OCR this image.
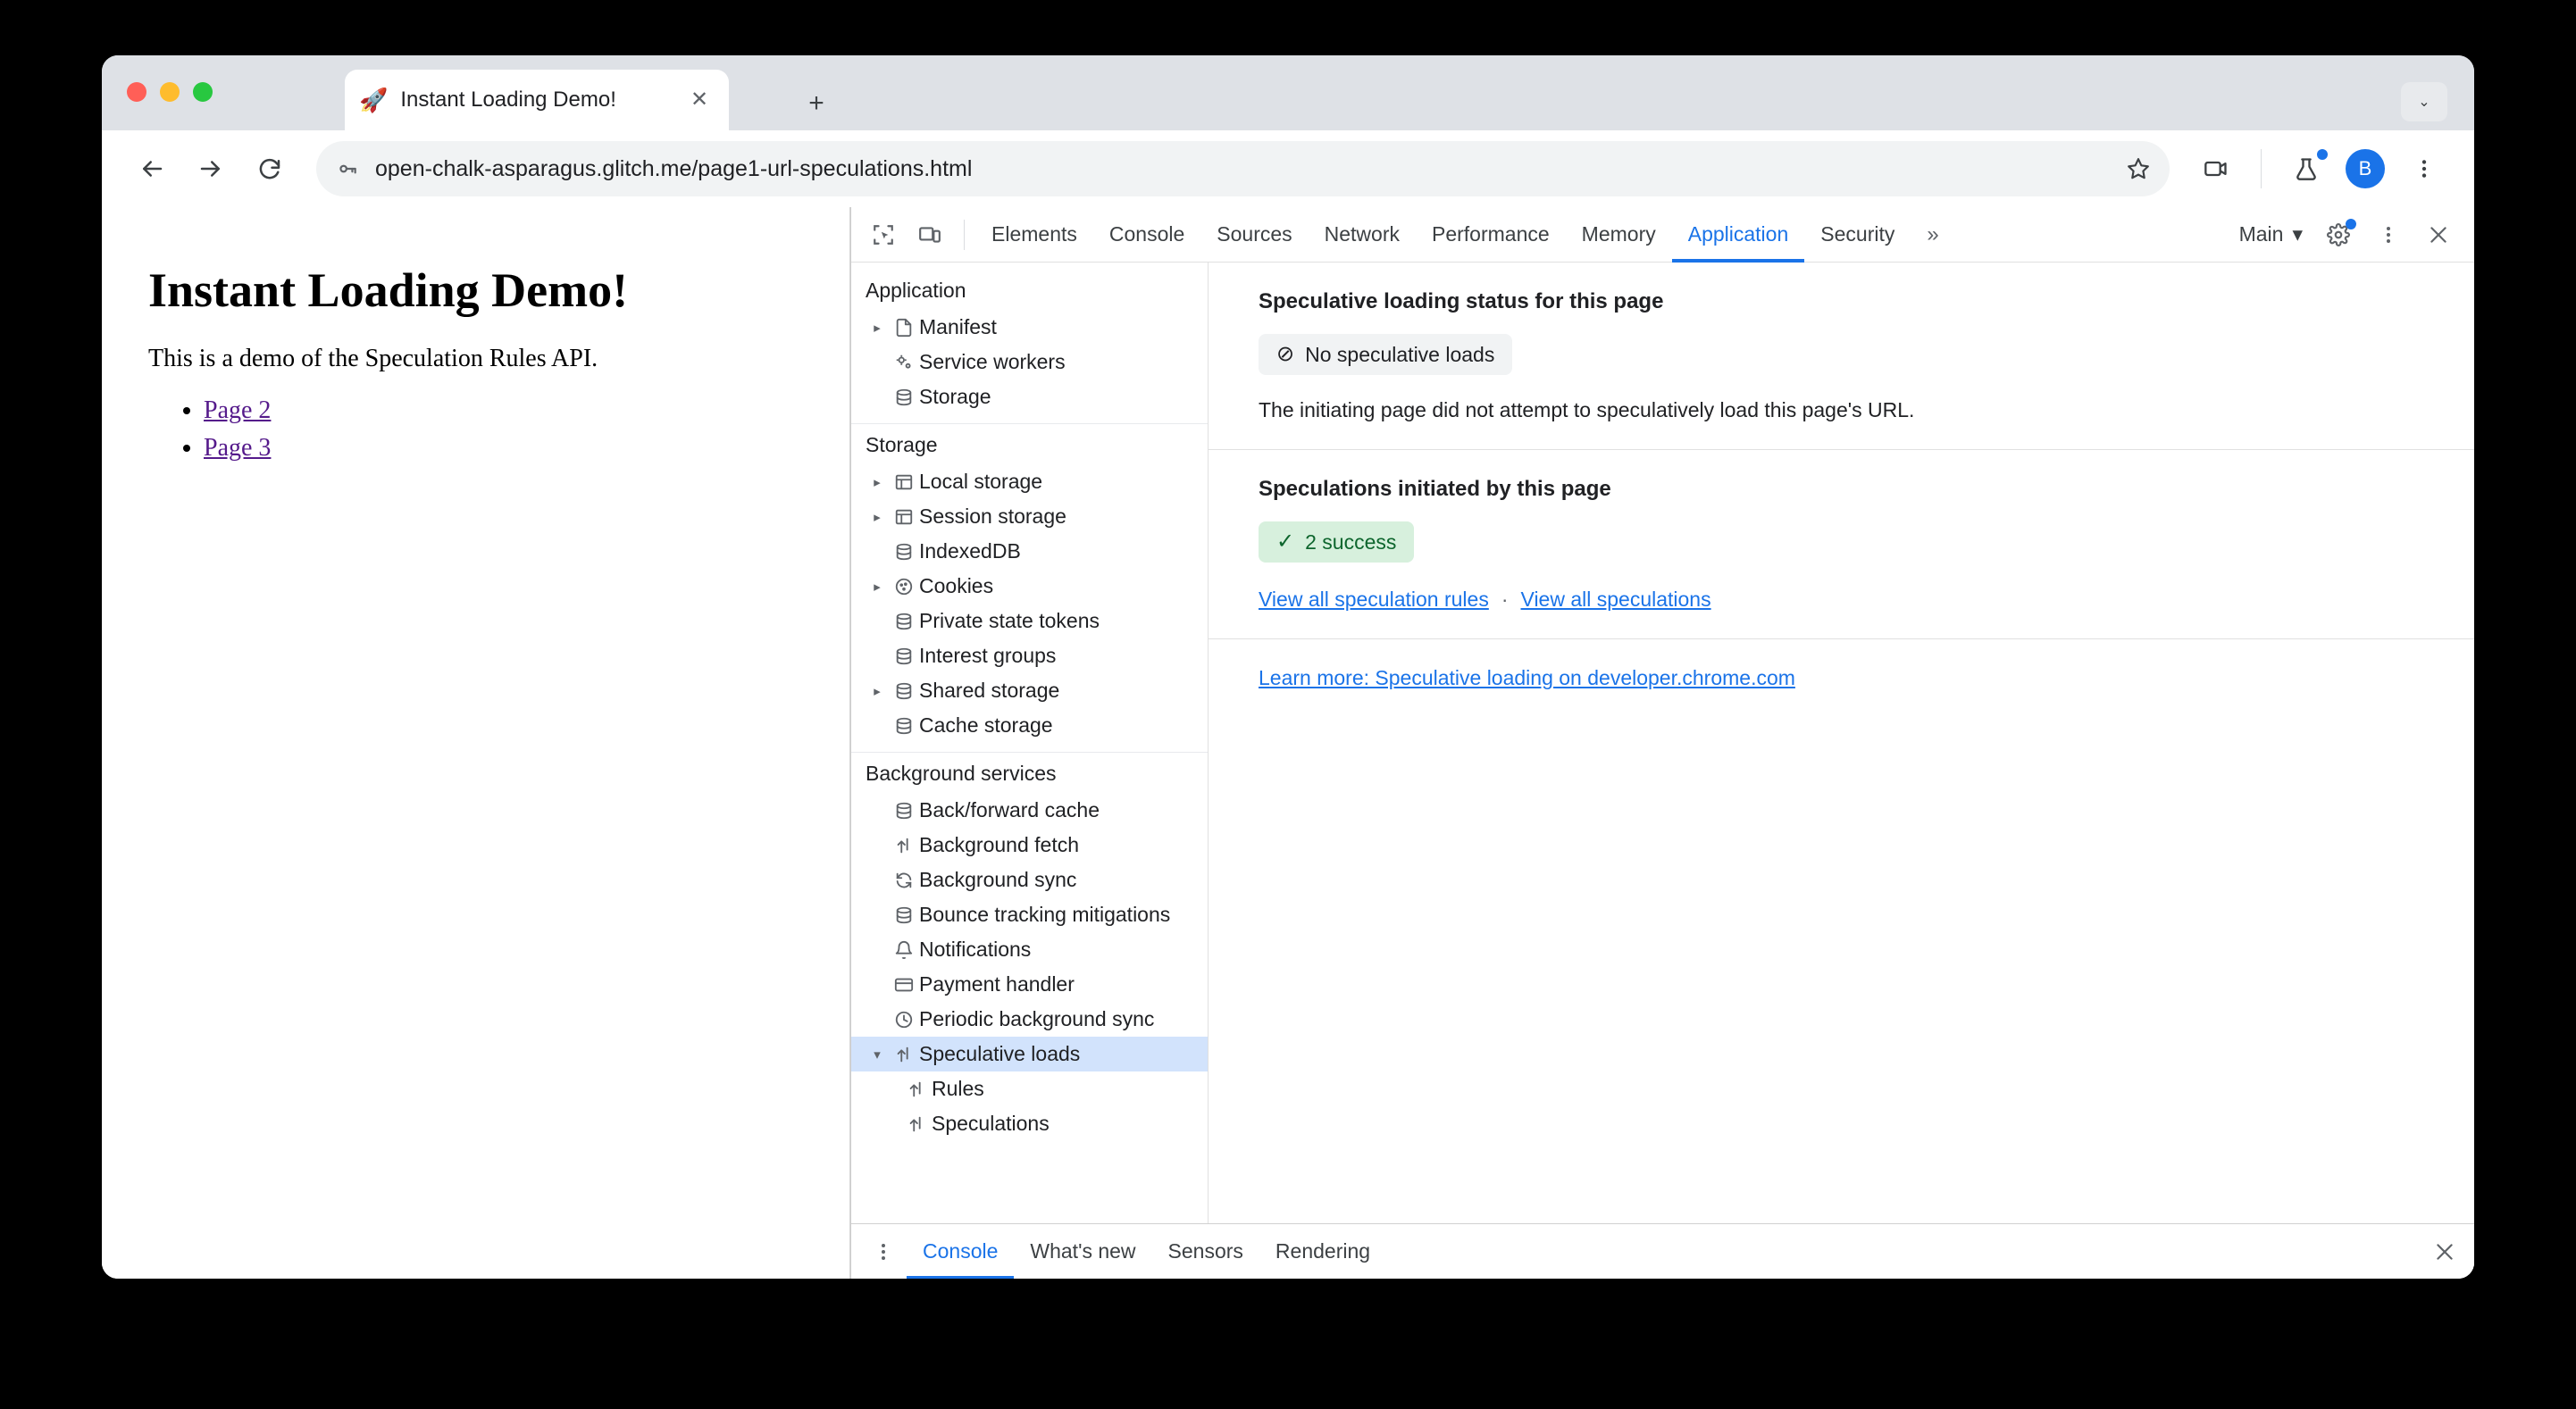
🚀 Instant Loading Demo!	✕	+	⌄
open-chalk-asparagus.glitch.me/page1-url-speculations.html	B
Instant Loading Demo!

This is a demo of the Speculation Rules API.

• Page 2
• Page 3
Elements	Console	Sources	Network	Performance	Memory	Application	Security	»	Main ▾
Application
▸	Manifest
Service workers
Storage
Storage
▸	Local storage
▸	Session storage
IndexedDB
▸	Cookies
Private state tokens
Interest groups
▸	Shared storage
Cache storage
Background services
Back/forward cache
Background fetch
Background sync
Bounce tracking mitigations
Notifications
Payment handler
Periodic background sync
▾	Speculative loads
Rules
Speculations
Speculative loading status for this page
⊘ No speculative loads
The initiating page did not attempt to speculatively load this page's URL.
Speculations initiated by this page
✓ 2 success
View all speculation rules · View all speculations
Learn more: Speculative loading on developer.chrome.com
Console	What's new	Sensors	Rendering
